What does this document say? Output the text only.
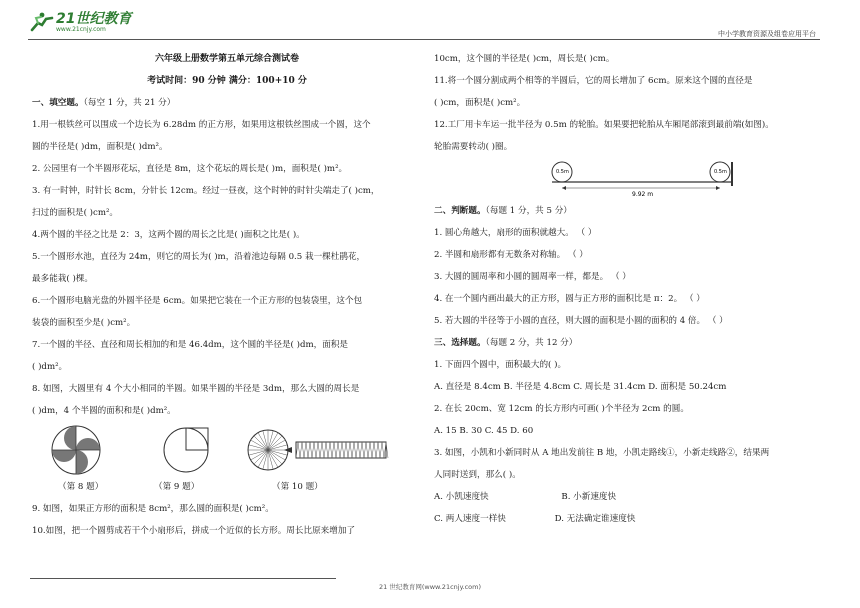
21世纪教育
www.21cnjy.com
中小学教育资源及组卷应用平台
六年级上册数学第五单元综合测试卷
考试时间：90 分钟 满分：100+10 分
一、填空题。（每空 1 分，共 21 分）
1.用一根铁丝可以围成一个边长为 6.28dm 的正方形，如果用这根铁丝围成一个圆，这个
圆的半径是( )dm，面积是( )dm²。
2. 公园里有一个半圆形花坛，直径是 8m，这个花坛的周长是( )m，面积是( )m²。
3. 有一时钟，时针长 8cm，分针长 12cm。经过一昼夜，这个时钟的时针尖端走了( )cm，
扫过的面积是( )cm²。
4.两个圆的半径之比是 2：3，这两个圆的周长之比是( )面积之比是( )。
5.一个圆形水池，直径为 24m，则它的周长为( )m，沿着池边每隔 0.5 栽一棵杜鹃花，
最多能栽( )棵。
6.一个圆形电脑光盘的外圆半径是 6cm。如果把它装在一个正方形的包装袋里，这个包
装袋的面积至少是( )cm²。
7.一个圆的半径、直径和周长相加的和是 46.4dm，这个圆的半径是( )dm，面积是
( )dm²。
8. 如图，大圆里有 4 个大小相同的半圆。如果半圆的半径是 3dm，那么大圆的周长是
( )dm，4 个半圆的面积和是( )dm²。
（第 8 题）	（第 9 题）	（第 10 题）
9. 如图，如果正方形的面积是 8cm²，那么圆的面积是( )cm²。
10.如图，把一个圆剪成若干个小扇形后，拼成一个近似的长方形。周长比原来增加了
10cm，这个圆的半径是( )cm，周长是( )cm。
11.将一个圆分割成两个相等的半圆后，它的周长增加了 6cm。原来这个圆的直径是
( )cm，面积是( )cm²。
12.工厂用卡车运一批半径为 0.5m 的轮胎。如果要把轮胎从车厢尾部滚到最前端(如图)。
轮胎需要转动( )圈。
0.5m	0.5m
9.92 m
二、判断题。（每题 1 分，共 5 分）
1. 圆心角越大，扇形的面积就越大。 （ ）
2. 半圆和扇形都有无数条对称轴。 （ ）
3. 大圆的圆周率和小圆的圆周率一样，都是。 （ ）
4. 在一个圆内画出最大的正方形，圆与正方形的面积比是 π：2。 （ ）
5. 若大圆的半径等于小圆的直径，则大圆的面积是小圆的面积的 4 倍。 （ ）
三、选择题。（每题 2 分，共 12 分）
1. 下面四个圆中，面积最大的( )。
A. 直径是 8.4cm B. 半径是 4.8cm C. 周长是 31.4cm D. 面积是 50.24cm
2. 在长 20cm、宽 12cm 的长方形内可画( )个半径为 2cm 的圆。
A. 15 B. 30 C. 45 D. 60
3. 如图，小凯和小新同时从 A 地出发前往 B 地，小凯走路线①，小新走线路②，结果两
人同时送到，那么( )。
A. 小凯速度快	B. 小新速度快
C. 两人速度一样快	D. 无法确定谁速度快
21 世纪教育网(www.21cnjy.com)
